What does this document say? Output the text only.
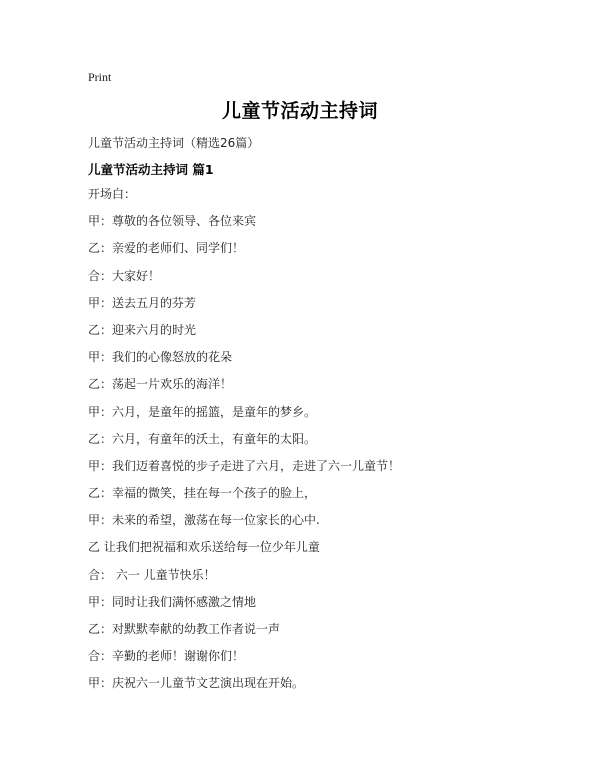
Print
儿童节活动主持词
儿童节活动主持词（精选26篇）
儿童节活动主持词 篇1
开场白：
甲：尊敬的各位领导、各位来宾
乙：亲爱的老师们、同学们！
合：大家好！
甲：送去五月的芬芳
乙：迎来六月的时光
甲：我们的心像怒放的花朵
乙：荡起一片欢乐的海洋！
甲：六月，是童年的摇篮，是童年的梦乡。
乙：六月，有童年的沃土，有童年的太阳。
甲：我们迈着喜悦的步子走进了六月，走进了六一儿童节！
乙：幸福的微笑，挂在每一个孩子的脸上，
甲：未来的希望，激荡在每一位家长的心中.
乙 让我们把祝福和欢乐送给每一位少年儿童
合： 六一 儿童节快乐！
甲：同时让我们满怀感激之情地
乙：对默默奉献的幼教工作者说一声
合：辛勤的老师！谢谢你们！
甲：庆祝六一儿童节文艺演出现在开始。
